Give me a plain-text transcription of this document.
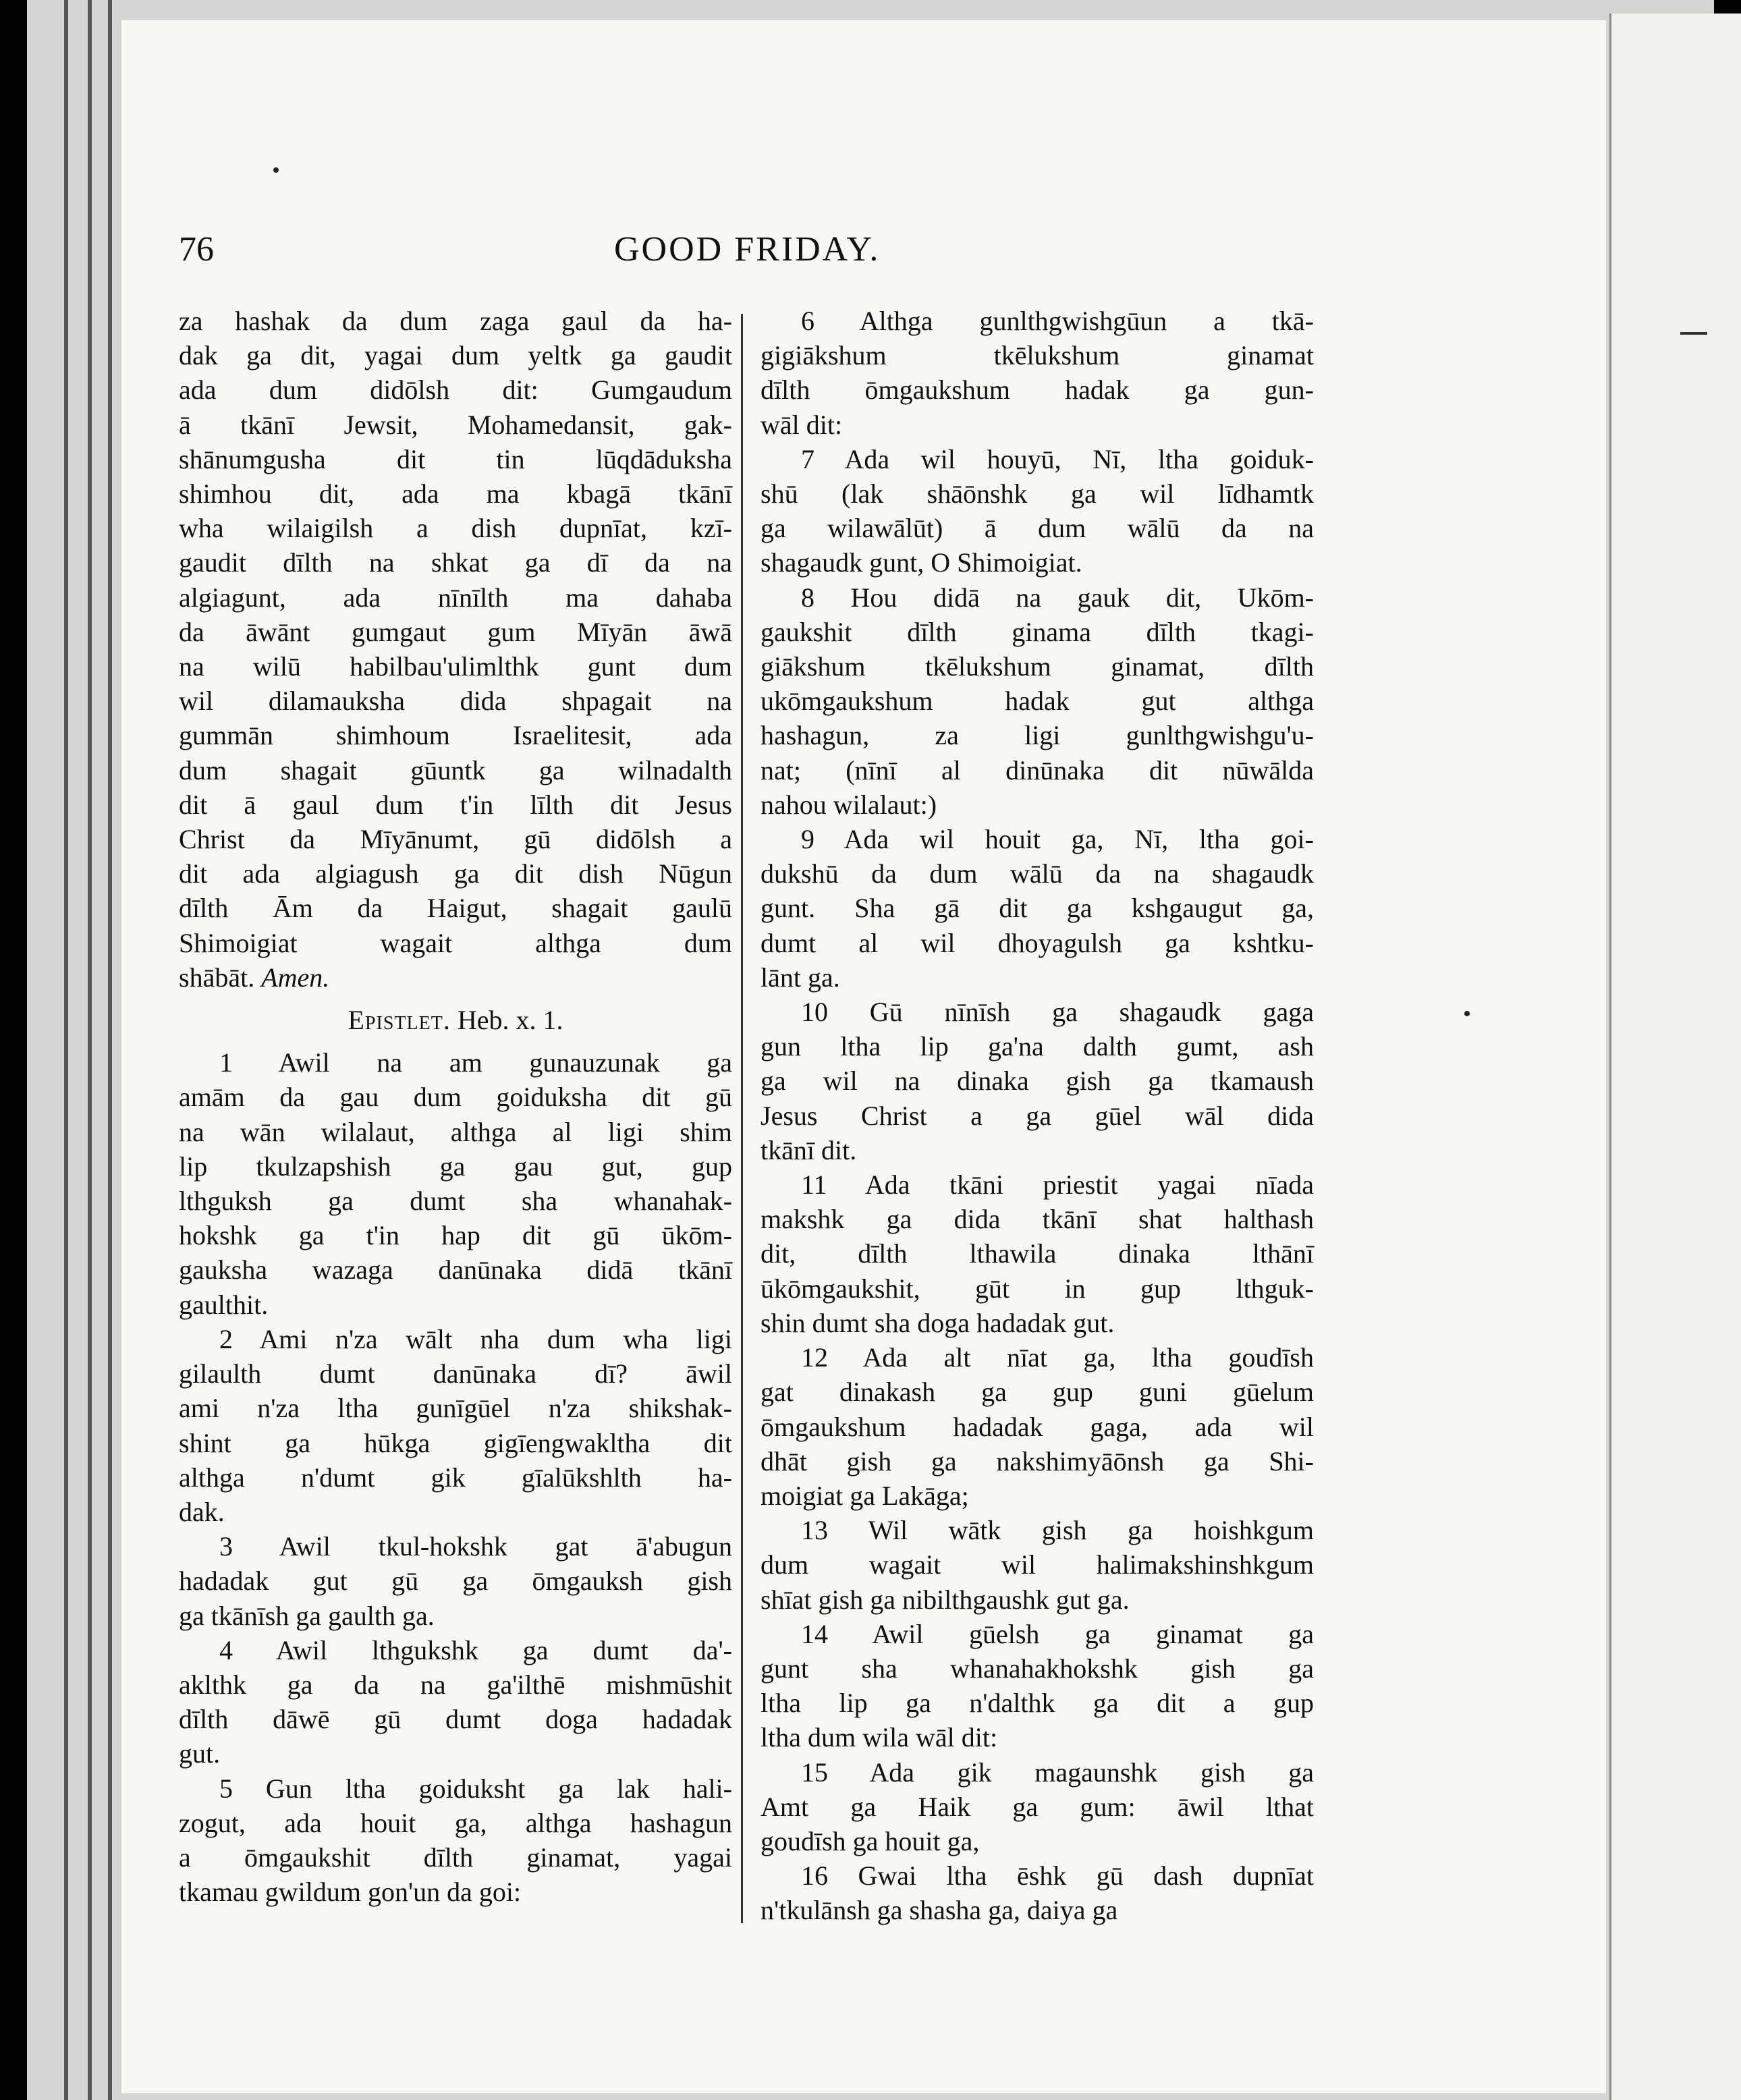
76	GOOD FRIDAY.
za hashak da dum zaga gaul da ha-
dak ga dit, yagai dum yeltk ga gaudit
ada dum didōlsh dit: Gumgaudum
ā tkānī Jewsit, Mohamedansit, gak-
shānumgusha dit tin lūqdāduksha
shimhou dit, ada ma kbagā tkānī
wha wilaigilsh a dish dupnīat, kzī-
gaudit dīlth na shkat ga dī da na
algiagunt, ada nīnīlth ma dahaba
da āwānt gumgaut gum Mīyān āwā
na wilū habilbau'ulimlthk gunt dum
wil dilamauksha dida shpagait na
gummān shimhoum Israelitesit, ada
dum shagait gūuntk ga wilnadalth
dit ā gaul dum t'in līlth dit Jesus
Christ da Mīyānumt, gū didōlsh a
dit ada algiagush ga dit dish Nūgun
dīlth Ām da Haigut, shagait gaulū
Shimoigiat wagait althga dum
shābāt. Amen.
Epistlet. Heb. x. 1.
1 Awil na am gunauzunak ga
amām da gau dum goiduksha dit gū
na wān wilalaut, althga al ligi shim
lip tkulzapshish ga gau gut, gup
lthguksh ga dumt sha whanahak-
hokshk ga t'in hap dit gū ūkōm-
gauksha wazaga danūnaka didā tkānī
gaulthit.
2 Ami n'za wālt nha dum wha ligi
gilaulth dumt danūnaka dī? āwil
ami n'za ltha gunīgūel n'za shikshak-
shint ga hūkga gigīengwakltha dit
althga n'dumt gik gīalūkshlth ha-
dak.
3 Awil tkul-hokshk gat ā'abugun
hadadak gut gū ga ōmgauksh gish
ga tkānīsh ga gaulth ga.
4 Awil lthgukshk ga dumt da'-
aklthk ga da na ga'ilthē mishmūshit
dīlth dāwē gū dumt doga hadadak
gut.
5 Gun ltha goiduksht ga lak hali-
zogut, ada houit ga, althga hashagun
a ōmgaukshit dīlth ginamat, yagai
tkamau gwildum gon'un da goi:
6 Althga gunlthgwishgūun a tkā-
gigiākshum tkēlukshum ginamat
dīlth ōmgaukshum hadak ga gun-
wāl dit:
7 Ada wil houyū, Nī, ltha goiduk-
shū (lak shāōnshk ga wil līdhamtk
ga wilawālūt) ā dum wālū da na
shagaudk gunt, O Shimoigiat.
8 Hou didā na gauk dit, Ukōm-
gaukshit dīlth ginama dīlth tkagi-
giākshum tkēlukshum ginamat, dīlth
ukōmgaukshum hadak gut althga
hashagun, za ligi gunlthgwishgu'u-
nat; (nīnī al dinūnaka dit nūwālda
nahou wilalaut:)
9 Ada wil houit ga, Nī, ltha goi-
dukshū da dum wālū da na shagaudk
gunt. Sha gā dit ga kshgaugut ga,
dumt al wil dhoyagulsh ga kshtku-
lānt ga.
10 Gū nīnīsh ga shagaudk gaga
gun ltha lip ga'na dalth gumt, ash
ga wil na dinaka gish ga tkamaush
Jesus Christ a ga gūel wāl dida
tkānī dit.
11 Ada tkāni priestit yagai nīada
makshk ga dida tkānī shat halthash
dit, dīlth lthawila dinaka lthānī
ūkōmgaukshit, gūt in gup lthguk-
shin dumt sha doga hadadak gut.
12 Ada alt nīat ga, ltha goudīsh
gat dinakash ga gup guni gūelum
ōmgaukshum hadadak gaga, ada wil
dhāt gish ga nakshimyāōnsh ga Shi-
moigiat ga Lakāga;
13 Wil wātk gish ga hoishkgum
dum wagait wil halimakshinshkgum
shīat gish ga nibilthgaushk gut ga.
14 Awil gūelsh ga ginamat ga
gunt sha whanahakhokshk gish ga
ltha lip ga n'dalthk ga dit a gup
ltha dum wila wāl dit:
15 Ada gik magaunshk gish ga
Amt ga Haik ga gum: āwil lthat
goudīsh ga houit ga,
16 Gwai ltha ēshk gū dash dupnīat
n'tkulānsh ga shasha ga, daiya ga
